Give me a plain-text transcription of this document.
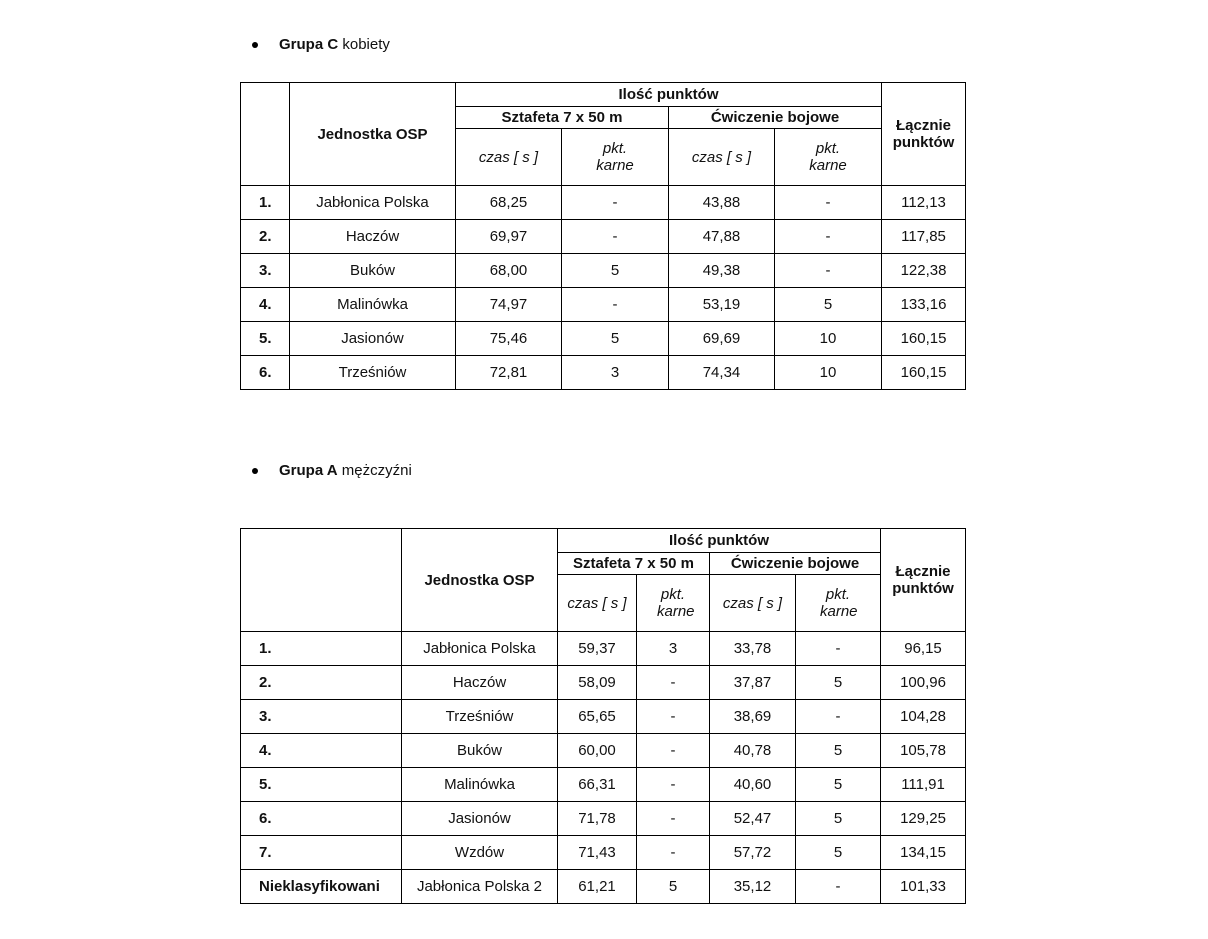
Grupa C kobiety
	Jednostka OSP	Ilość punktów				Łącznie punktów
		Sztafeta 7 x 50 m		Ćwiczenie bojowe		
		czas [ s ]	pkt. karne	czas [ s ]	pkt. karne	
1.	Jabłonica Polska	68,25	-	43,88	-	112,13
2.	Haczów	69,97	-	47,88	-	117,85
3.	Buków	68,00	5	49,38	-	122,38
4.	Malinówka	74,97	-	53,19	5	133,16
5.	Jasionów	75,46	5	69,69	10	160,15
6.	Trześniów	72,81	3	74,34	10	160,15
Grupa A mężczyźni
	Jednostka OSP	Ilość punktów				Łącznie punktów
		Sztafeta 7 x 50 m		Ćwiczenie bojowe		
		czas [ s ]	pkt. karne	czas [ s ]	pkt. karne	
1.	Jabłonica Polska	59,37	3	33,78	-	96,15
2.	Haczów	58,09	-	37,87	5	100,96
3.	Trześniów	65,65	-	38,69	-	104,28
4.	Buków	60,00	-	40,78	5	105,78
5.	Malinówka	66,31	-	40,60	5	111,91
6.	Jasionów	71,78	-	52,47	5	129,25
7.	Wzdów	71,43	-	57,72	5	134,15
Nieklasyfikowani	Jabłonica Polska 2	61,21	5	35,12	-	101,33
